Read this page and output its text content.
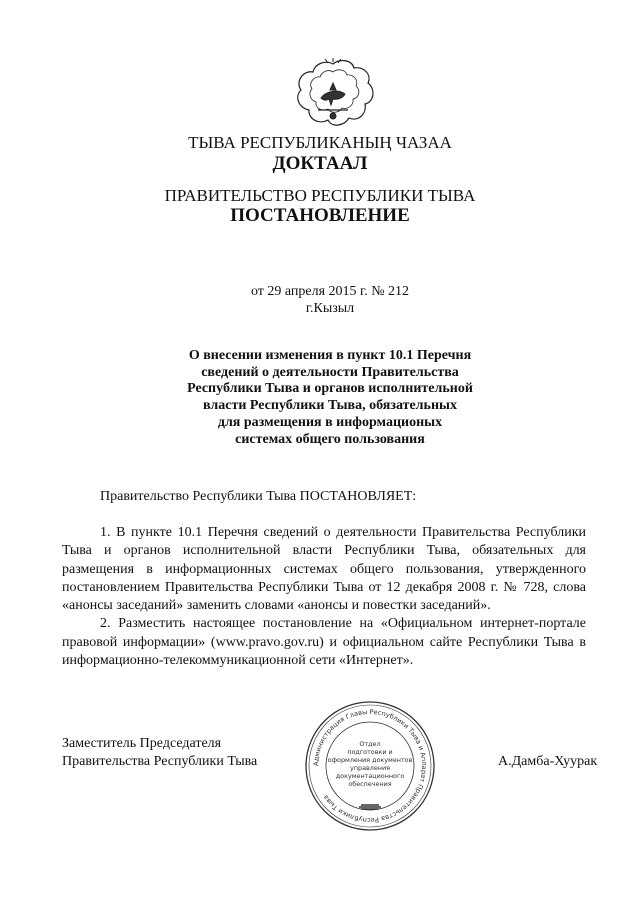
ТЫВА РЕСПУБЛИКАНЫҢ ЧАЗАА
ДОКТААЛ
ПРАВИТЕЛЬСТВО РЕСПУБЛИКИ ТЫВА
ПОСТАНОВЛЕНИЕ
от 29 апреля 2015 г. № 212
г.Кызыл
О внесении изменения в пункт 10.1 Перечня
сведений о деятельности Правительства
Республики Тыва и органов исполнительной
власти Республики Тыва, обязательных
для размещения в информационых
системах общего пользования
Правительство Республики Тыва ПОСТАНОВЛЯЕТ:

1. В пункте 10.1 Перечня сведений о деятельности Правительства Республики Тыва и органов исполнительной власти Республики Тыва, обязательных для размещения в информационных системах общего пользования, утвержденного постановлением Правительства Республики Тыва от 12 декабря 2008 г. № 728, слова «анонсы заседаний» заменить словами «анонсы и повестки заседаний».

2. Разместить настоящее постановление на «Официальном интернет-портале правовой информации» (www.pravo.gov.ru) и официальном сайте Республики Тыва в информационно-телекоммуникационной сети «Интернет».

Заместитель Председателя
Правительства Республики Тыва	Администрация Главы Республики Тыва и Аппарат Правительства Республики Тыва
Отдел
подготовки и
оформления документов
управления
документационного
обеспечения
А.Дамба-Хуурак
